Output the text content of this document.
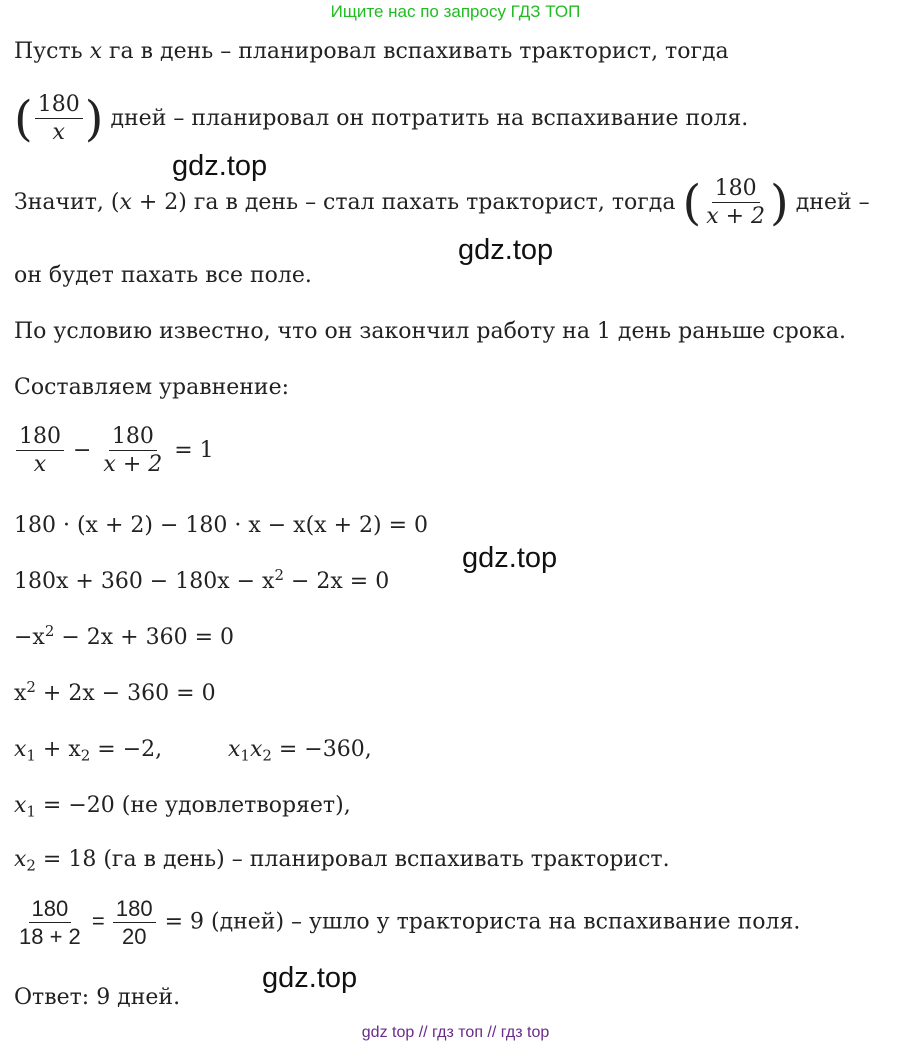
Ищите нас по запросу ГДЗ ТОП
Пусть x га в день – планировал вспахивать тракторист, тогда
( $\frac{180}{x}$ ) дней – планировал он потратить на вспахивание поля.
gdz.top
Значит, (x + 2) га в день – стал пахать тракторист, тогда ( $\frac{180}{x + 2}$ ) дней –
gdz.top
он будет пахать все поле.
По условию известно, что он закончил работу на 1 день раньше срока.
Составляем уравнение:
$\frac{180}{x} - \frac{180}{x + 2} = 1$
180 · (x + 2) − 180 · x − x(x + 2) = 0
gdz.top
$180x + 360 - 180x - x^2 - 2x = 0$
$-x^2 - 2x + 360 = 0$
$x^2 + 2x - 360 = 0$
$x_1 + x_2 = -2$,	$x_1x_2 = -360$,
$x_1 = -20$ (не удовлетворяет),
$x_2 = 18$ (га в день) – планировал вспахивать тракторист.
$\frac{180}{18 + 2} = \frac{180}{20} = 9$ (дней) – ушло у тракториста на вспахивание поля.
gdz.top
Ответ: 9 дней.
gdz top // гдз топ // гдз top
